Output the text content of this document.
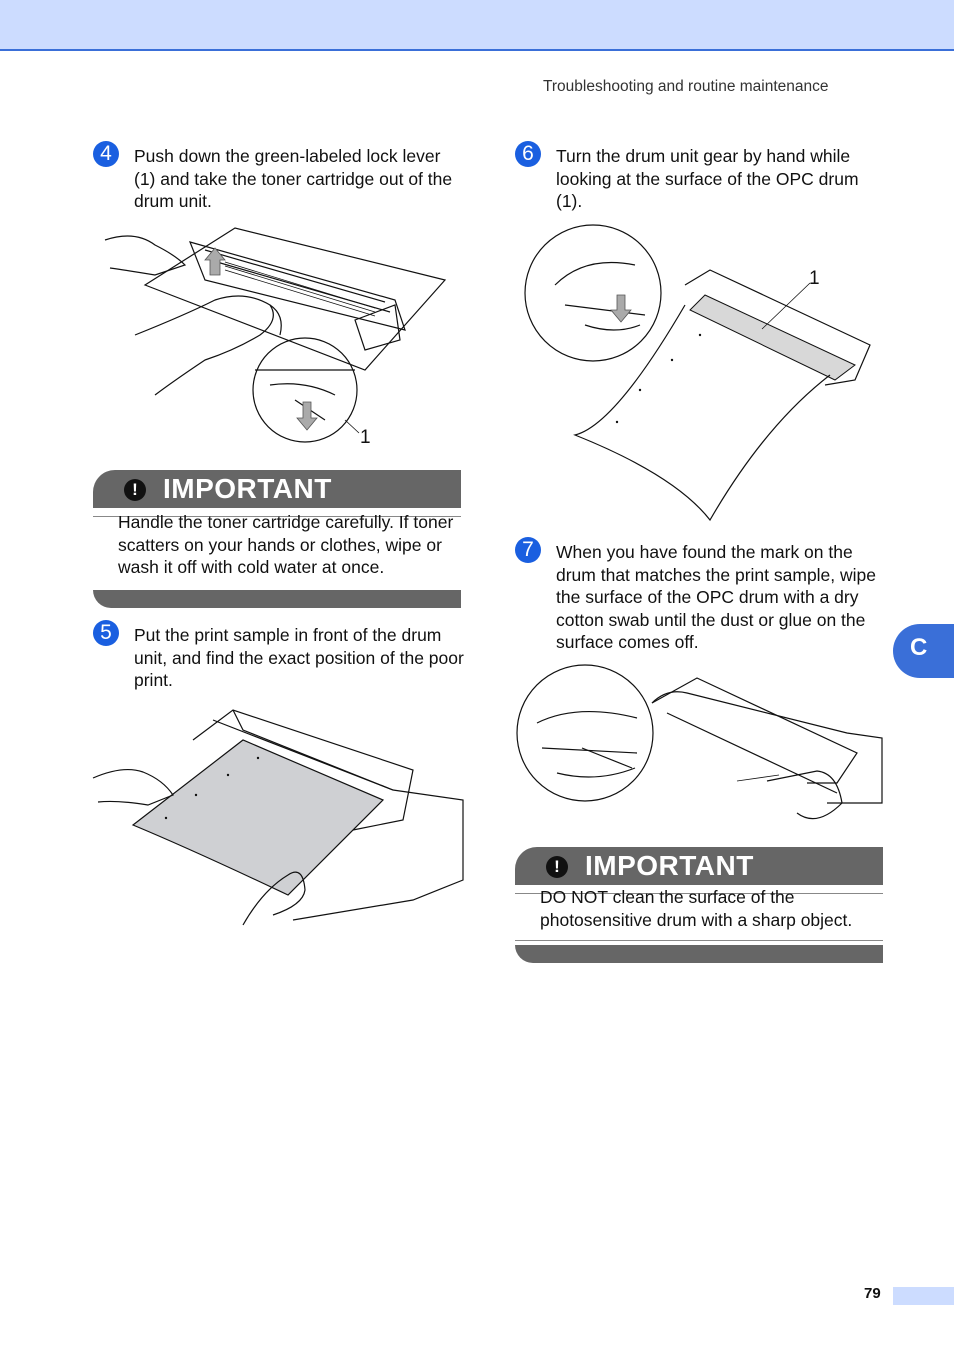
Troubleshooting and routine maintenance
4	Push down the green-labeled lock lever (1) and take the toner cartridge out of the drum unit.
1
! IMPORTANT
Handle the toner cartridge carefully. If toner scatters on your hands or clothes, wipe or wash it off with cold water at once.
5	Put the print sample in front of the drum unit, and find the exact position of the poor print.
6	Turn the drum unit gear by hand while looking at the surface of the OPC drum (1).
1
7	When you have found the mark on the drum that matches the print sample, wipe the surface of the OPC drum with a dry cotton swab until the dust or glue on the surface comes off.
! IMPORTANT
DO NOT clean the surface of the photosensitive drum with a sharp object.
C
79
